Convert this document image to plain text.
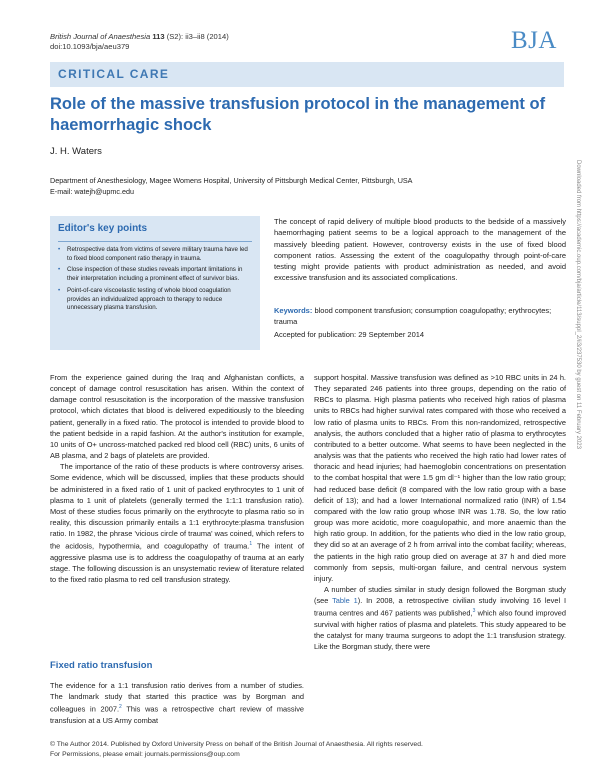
British Journal of Anaesthesia 113 (S2): ii3–ii8 (2014)
doi:10.1093/bja/aeu379	BJA
CRITICAL CARE
Role of the massive transfusion protocol in the management of haemorrhagic shock
J. H. Waters
Department of Anesthesiology, Magee Womens Hospital, University of Pittsburgh Medical Center, Pittsburgh, USA
E-mail: watejh@upmc.edu
Editor's key points
• Retrospective data from victims of severe military trauma have led to fixed blood component ratio therapy in trauma.
• Close inspection of these studies reveals important limitations in their interpretation including a prominent effect of survivor bias.
• Point-of-care viscoelastic testing of whole blood coagulation provides an individualized approach to therapy to reduce unnecessary plasma transfusion.
The concept of rapid delivery of multiple blood products to the bedside of a massively haemorrhaging patient seems to be a logical approach to the management of the massively bleeding patient. However, controversy exists in the use of fixed blood component ratios. Assessing the extent of the coagulopathy through point-of-care testing might provide patients with product administration as needed, and avoid excessive transfusion and its associated complications.
Keywords: blood component transfusion; consumption coagulopathy; erythrocytes; trauma
Accepted for publication: 29 September 2014

From the experience gained during the Iraq and Afghanistan conflicts, a concept of damage control resuscitation has arisen. Within the context of damage control resuscitation is the incorporation of the massive transfusion protocol, which dictates that blood is delivered expeditiously to the bleeding patient, generally in a fixed ratio. The protocol is intended to provide blood to the patient bedside in a rapid fashion. At the author's institution for example, 10 units of O+ uncross-matched packed red blood cell (RBC) units, 6 units of AB plasma, and 2 bags of platelets are provided.

The importance of the ratio of these products is where controversy arises. Some evidence, which will be discussed, implies that these products should be administered in a fixed ratio of 1 unit of packed erythrocytes to 1 unit of plasma to 1 unit of platelets (generally termed the 1:1:1 transfusion ratio). Most of these studies focus primarily on the erythrocyte to plasma ratio so in reality, this discussion primarily entails a 1:1 erythrocyte:plasma transfusion ratio. In 1982, the phrase 'vicious circle of trauma' was coined, which refers to the acidosis, hypothermia, and coagulopathy of trauma.$^1$ The intent of aggressive plasma use is to address the coagulopathy of trauma at an early stage. The following discussion is an unsystematic review of literature related to the fixed ratio plasma to red cell transfusion strategy.

Fixed ratio transfusion

The evidence for a 1:1 transfusion ratio derives from a number of studies. The landmark study that started this practice was by Borgman and colleagues in 2007.$^2$ This was a retrospective chart review of massive transfusion at a US Army combat

support hospital. Massive transfusion was defined as >10 RBC units in 24 h. They separated 246 patients into three groups, depending on the ratio of RBCs to plasma. High plasma patients who received high ratios of plasma units to RBCs had higher survival rates compared with those who received a low ratio of plasma units to RBCs. From this non-randomized, retrospective analysis, the authors concluded that a higher ratio of plasma to erythrocytes contributed to a better outcome. What seems to have been neglected in the analysis was that the patients who received the high ratio had lower rates of thoracic and head injuries; had haemoglobin concentrations on presentation to the combat hospital that were 1.5 gm dl⁻¹ higher than the low ratio group; had reduced base deficit (8 compared with the low ratio group with a base deficit of 13); and had a lower International normalized ratio (INR) of 1.54 compared with the low ratio group whose INR was 1.78. So, the low ratio group was more acidotic, more coagulopathic, and more anaemic than the high ratio group. In addition, for the patients who died in the low ratio group, they did so at an average of 2 h from arrival into the combat facility; whereas, the patients in the high ratio group died on average at 37 h and died more commonly from sepsis, multi-organ failure, and central nervous system injury.

A number of studies similar in study design followed the Borgman study (see Table 1). In 2008, a retrospective civilian study involving 16 level I trauma centres and 467 patients was published,$^3$ which also found improved survival with higher ratios of plasma and platelets. This study appeared to be the catalyst for many trauma surgeons to adopt the 1:1 transfusion strategy. Like the Borgman study, there were

© The Author 2014. Published by Oxford University Press on behalf of the British Journal of Anaesthesia. All rights reserved.
For Permissions, please email: journals.permissions@oup.com
Downloaded from https://academic.oup.com/bja/article/113/suppl_2/ii3/237530 by guest on 11 February 2023
